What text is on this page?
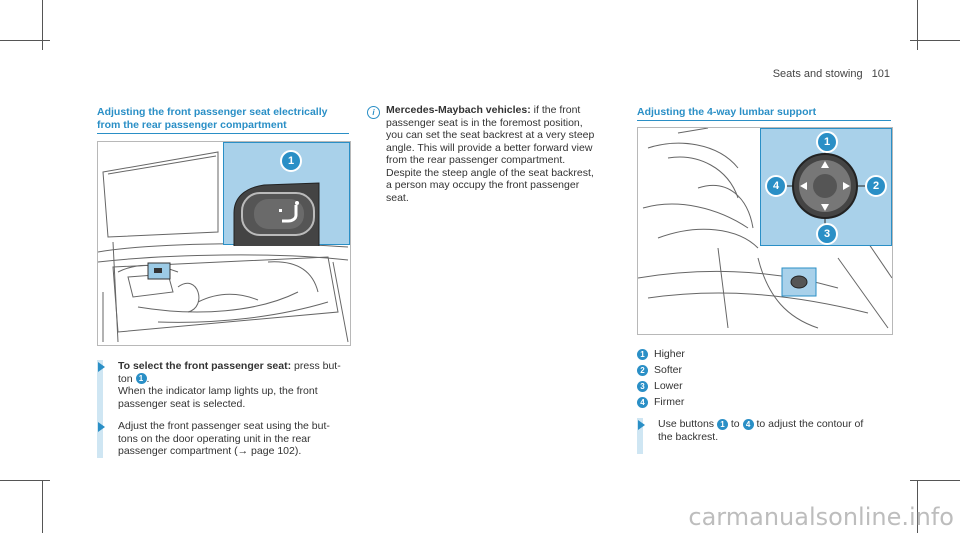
Seats and stowing 101
Adjusting the front passenger seat electrically
from the rear passenger compartment
1
To select the front passenger seat: press but-
ton 1 .
When the indicator lamp lights up, the front
passenger seat is selected.
Adjust the front passenger seat using the but-
tons on the door operating unit in the rear
passenger compartment (→ page 102).
i	Mercedes-Maybach vehicles: if the front
passenger seat is in the foremost position,
you can set the seat backrest at a very steep
angle. This will provide a better forward view
from the rear passenger compartment.
Despite the steep angle of the seat backrest,
a person may occupy the front passenger
seat.
Adjusting the 4-way lumbar support
1
2
3
4
1 Higher
2 Softer
3 Lower
4 Firmer
Use buttons 1 to 4 to adjust the contour of
the backrest.
carmanualsonline.info
